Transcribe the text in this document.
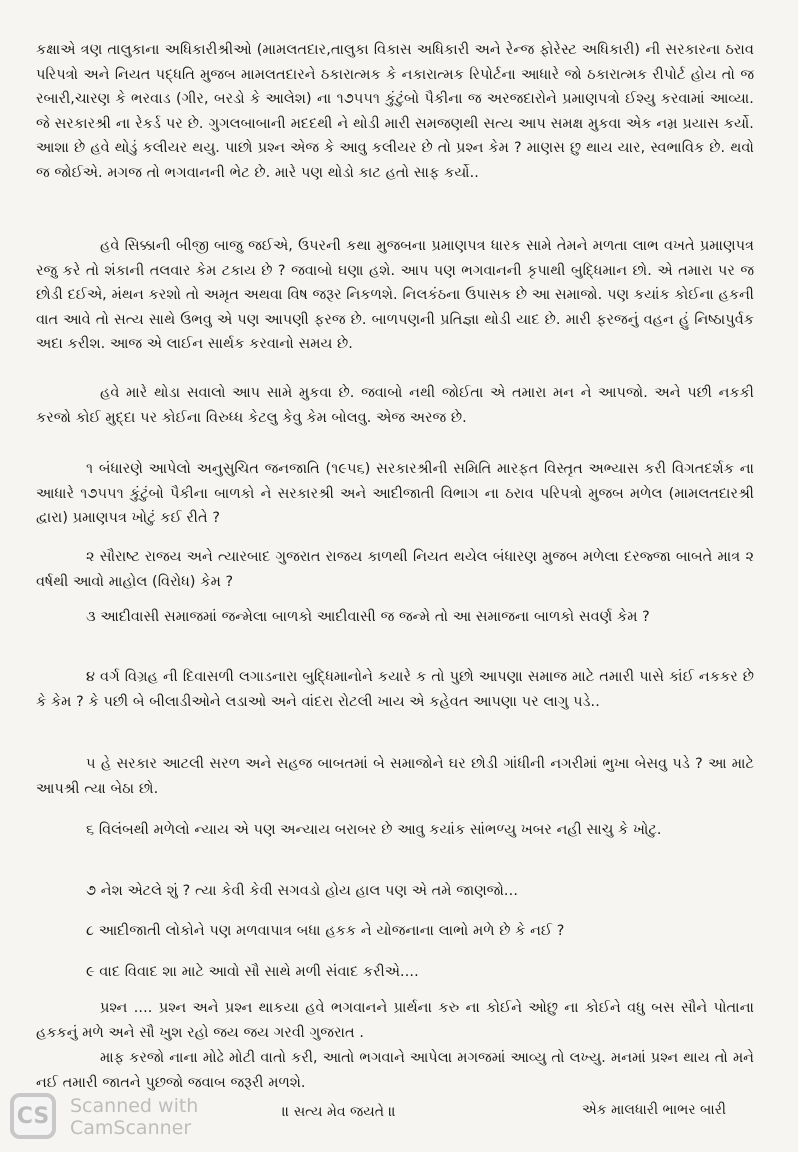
કક્ષાએ ત્રણ તાલુકાના અધિકારીશ્રીઓ (મામલતદાર,તાલુકા વિકાસ અધિકારી અને રેન્જ ફોરેસ્ટ અધિકારી) ની સરકારના ઠરાવ પરિપત્રો અને નિયત પદ્ધતિ મુજબ મામલતદારને ઠકારાત્મક કે નકારાત્મક રિપોર્ટના આધારે જો ઠકારાત્મક રીપોર્ટ હોય તો જ રબારી,ચારણ કે ભરવાડ (ગીર, બરડો કે આલેશ) ના ૧૭૫૫૧ કુંટુંબો પૈકીના જ અરજદારોને પ્રમાણપત્રો ઈશ્યુ કરવામાં આવ્યા. જે સરકારશ્રી ના રેકર્ડ પર છે. ગુગલબાબાની મદદથી ને થોડી મારી સમજણથી સત્ય આપ સમક્ષ મુકવા એક નમ્ર પ્રયાસ કર્યો. આશા છે હવે થોડું કલીયર થયુ. પાછો પ્રશ્ન એજ કે આવુ કલીયર છે તો પ્રશ્ન કેમ ? માણસ છુ થાય યાર, સ્વભાવિક છે. થવો જ જોઈએ. મગજ તો ભગવાનની ભેટ છે. મારે પણ થોડો કાટ હતો સાફ કર્યો..
હવે સિક્કાની બીજી બાજુ જઈએ, ઉપરની કથા મુજબના પ્રમાણપત્ર ધારક સામે તેમને મળતા લાભ વખતે પ્રમાણપત્ર રજુ કરે તો શંકાની તલવાર કેમ ટકાય છે ? જવાબો ઘણા હશે. આપ પણ ભગવાનની કૃપાથી બુદ્ધિમાન છો. એ તમારા પર જ છોડી દઈએ, મંથન કરશો તો અમૃત અથવા વિષ જરૂર નિકળશે. નિલકંઠના ઉપાસક છે આ સમાજો. પણ કયાંક કોઈના હકની વાત આવે તો સત્ય સાથે ઉભવુ એ પણ આપણી ફરજ છે. બાળપણની પ્રતિજ્ઞા થોડી યાદ છે. મારી ફરજનું વહન હું નિષ્ઠાપુર્વક અદા કરીશ. આજ એ લાઈન સાર્થક કરવાનો સમય છે.
હવે મારે થોડા સવાલો આપ સામે મુકવા છે. જવાબો નથી જોઈતા એ તમારા મન ને આપજો. અને પછી નકકી કરજો કોઈ મુદ્દા પર કોઈના વિરુધ્ધ કેટલુ કેવુ કેમ બોલવુ. એજ અરજ છે.
૧ બંધારણે આપેલો અનુસુચિત જનજાતિ (૧૯૫૬) સરકારશ્રીની સમિતિ મારફત વિસ્તૃત અભ્યાસ કરી વિગતદર્શક ના આધારે ૧૭૫૫૧ કુંટુંબો પૈકીના બાળકો ને સરકારશ્રી અને આદીજાતી વિભાગ ના ઠરાવ પરિપત્રો મુજબ મળેલ (મામલતદારશ્રી દ્વારા) પ્રમાણપત્ર ખોટું કઈ રીતે ?
૨ સૌરાષ્ટ રાજય અને ત્યારબાદ ગુજરાત રાજય કાળથી નિયત થયેલ બંધારણ મુજબ મળેલા દરજ્જા બાબતે માત્ર ૨ વર્ષથી આવો માહોલ (વિરોધ) કેમ ?
૩ આદીવાસી સમાજમાં જન્મેલા બાળકો આદીવાસી જ જન્મે તો આ સમાજના બાળકો સવર્ણ કેમ ?
૪ વર્ગ વિગ્રહ ની દિવાસળી લગાડનારા બુદ્ધિમાનોને કયારે ક તો પુછો આપણા સમાજ માટે તમારી પાસે કાંઈ નકકર છે કે કેમ ? કે પછી બે બીલાડીઓને લડાઓ અને વાંદરા રોટલી ખાય એ કહેવત આપણા પર લાગુ પડે..
૫ હે સરકાર આટલી સરળ અને સહજ બાબતમાં બે સમાજોને ઘર છોડી ગાંધીની નગરીમાં ભુખા બેસવુ પડે ? આ માટે આપશ્રી ત્યા બેઠા છો.
૬ વિલંબથી મળેલો ન્યાય એ પણ અન્યાય બરાબર છે આવુ કયાંક સાંભળ્યુ ખબર નહી સાચુ કે ખોટુ.
૭ નેશ એટલે શું ? ત્યા કેવી કેવી સગવડો હોય હાલ પણ એ તમે જાણજો...
૮ આદીજાતી લોકોને પણ મળવાપાત્ર બધા હકક ને યોજનાના લાભો મળે છે કે નઈ ?
૯ વાદ વિવાદ શા માટે આવો સૌ સાથે મળી સંવાદ કરીએ....
પ્રશ્ન .... પ્રશ્ન અને પ્રશ્ન થાકયા હવે ભગવાનને પ્રાર્થના કરુ ના કોઈને ઓછુ ના કોઈને વધુ બસ સૌને પોતાના હકકનું મળે અને સૌ ખુશ રહો જય જય ગરવી ગુજરાત .
માફ કરજો નાના મોઢે મોટી વાતો કરી, આતો ભગવાને આપેલા મગજમાં આવ્યુ તો લખ્યુ. મનમાં પ્રશ્ન થાય તો મને નઈ તમારી જાતને પુછજો જવાબ જરૂરી મળશે.
॥ સત્ય મેવ જયતે ॥	એક માલધારી ભાભર બારી
CS Scanned with
CamScanner
